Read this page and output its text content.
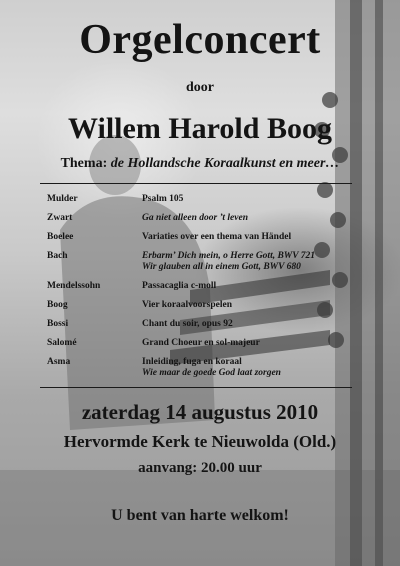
Orgelconcert
door
Willem Harold Boog
Thema: de Hollandsche Koraalkunst en meer…
Mulder	Psalm 105
Zwart	Ga niet alleen door ’t leven
Boelee	Variaties over een thema van Händel
Bach	Erbarm’ Dich mein, o Herre Gott, BWV 721
Wir glauben all in einem Gott, BWV 680
Mendelssohn	Passacaglia c-moll
Boog	Vier koraalvoorspelen
Bossi	Chant du soir, opus 92
Salomé	Grand Choeur en sol-majeur
Asma	Inleiding, fuga en koraal
Wie maar de goede God laat zorgen
zaterdag 14 augustus 2010
Hervormde Kerk te Nieuwolda (Old.)
aanvang: 20.00 uur
U bent van harte welkom!
